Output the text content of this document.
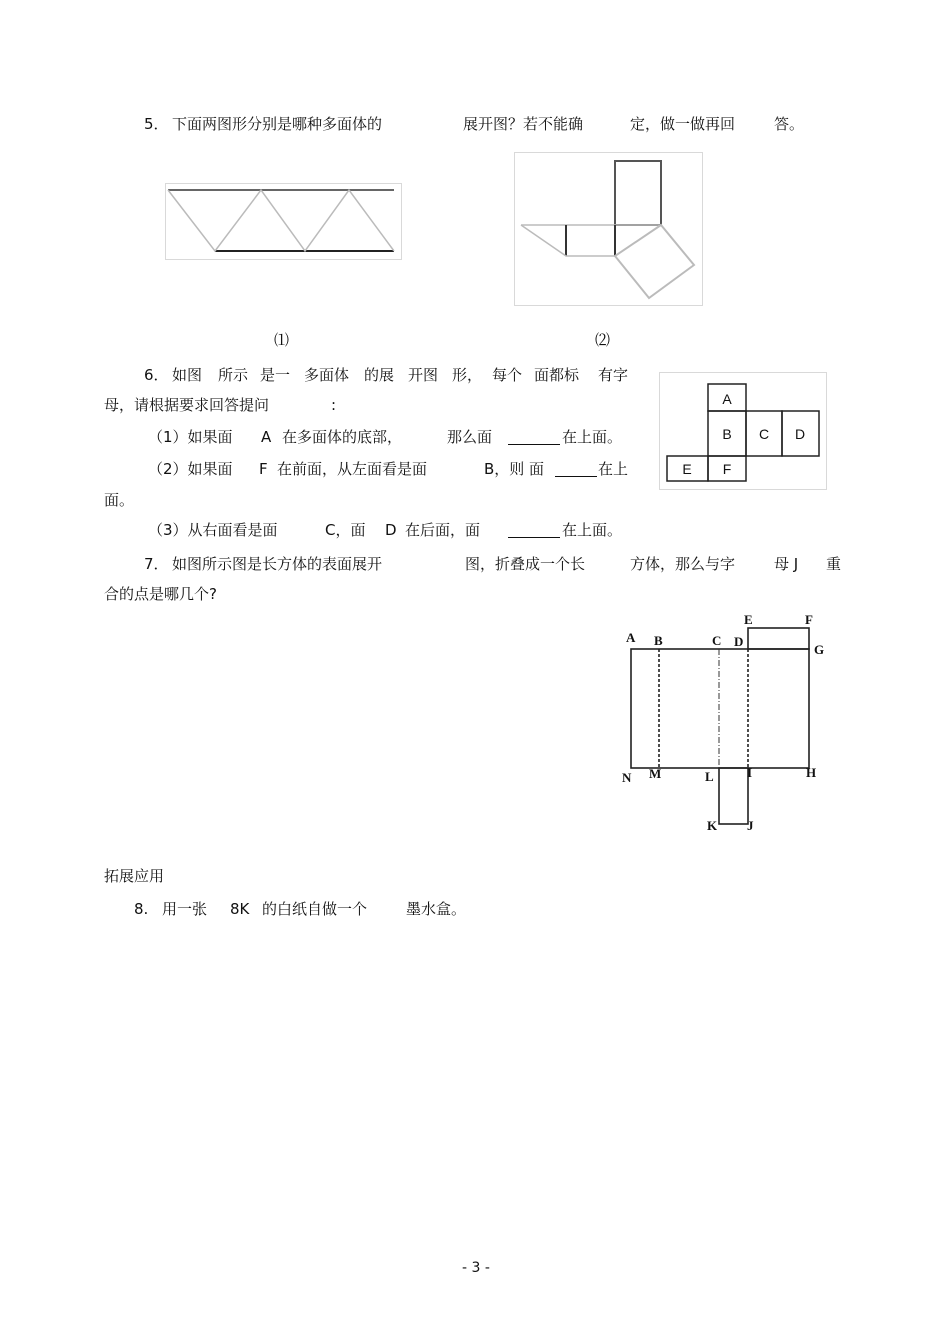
5． 下面两图形分别是哪种多面体的	展开图？若不能确	定，做一做再回	答。
⑴	⑵
6． 如图 所示 是一 多面体 的展 开图 形， 每个 面都标 有字
母，请根据要求回答提问	:
（1）如果面 A 在多面体的底部，	那么面	在上面。
（2）如果面 F 在前面，从左面看是面	B，则 面	在上
面。
（3）从右面看是面	C，面 D 在后面，面	在上面。
A
B C D
E F
7． 如图所示图是长方体的表面展开	图，折叠成一个长	方体，那么与字	母 J 重
合的点是哪几个?
A B	C D
E	F
G
H
I
J
K
L
M
N
拓展应用
8. 用一张 8K 的白纸自做一个	墨水盒。
- 3 -
